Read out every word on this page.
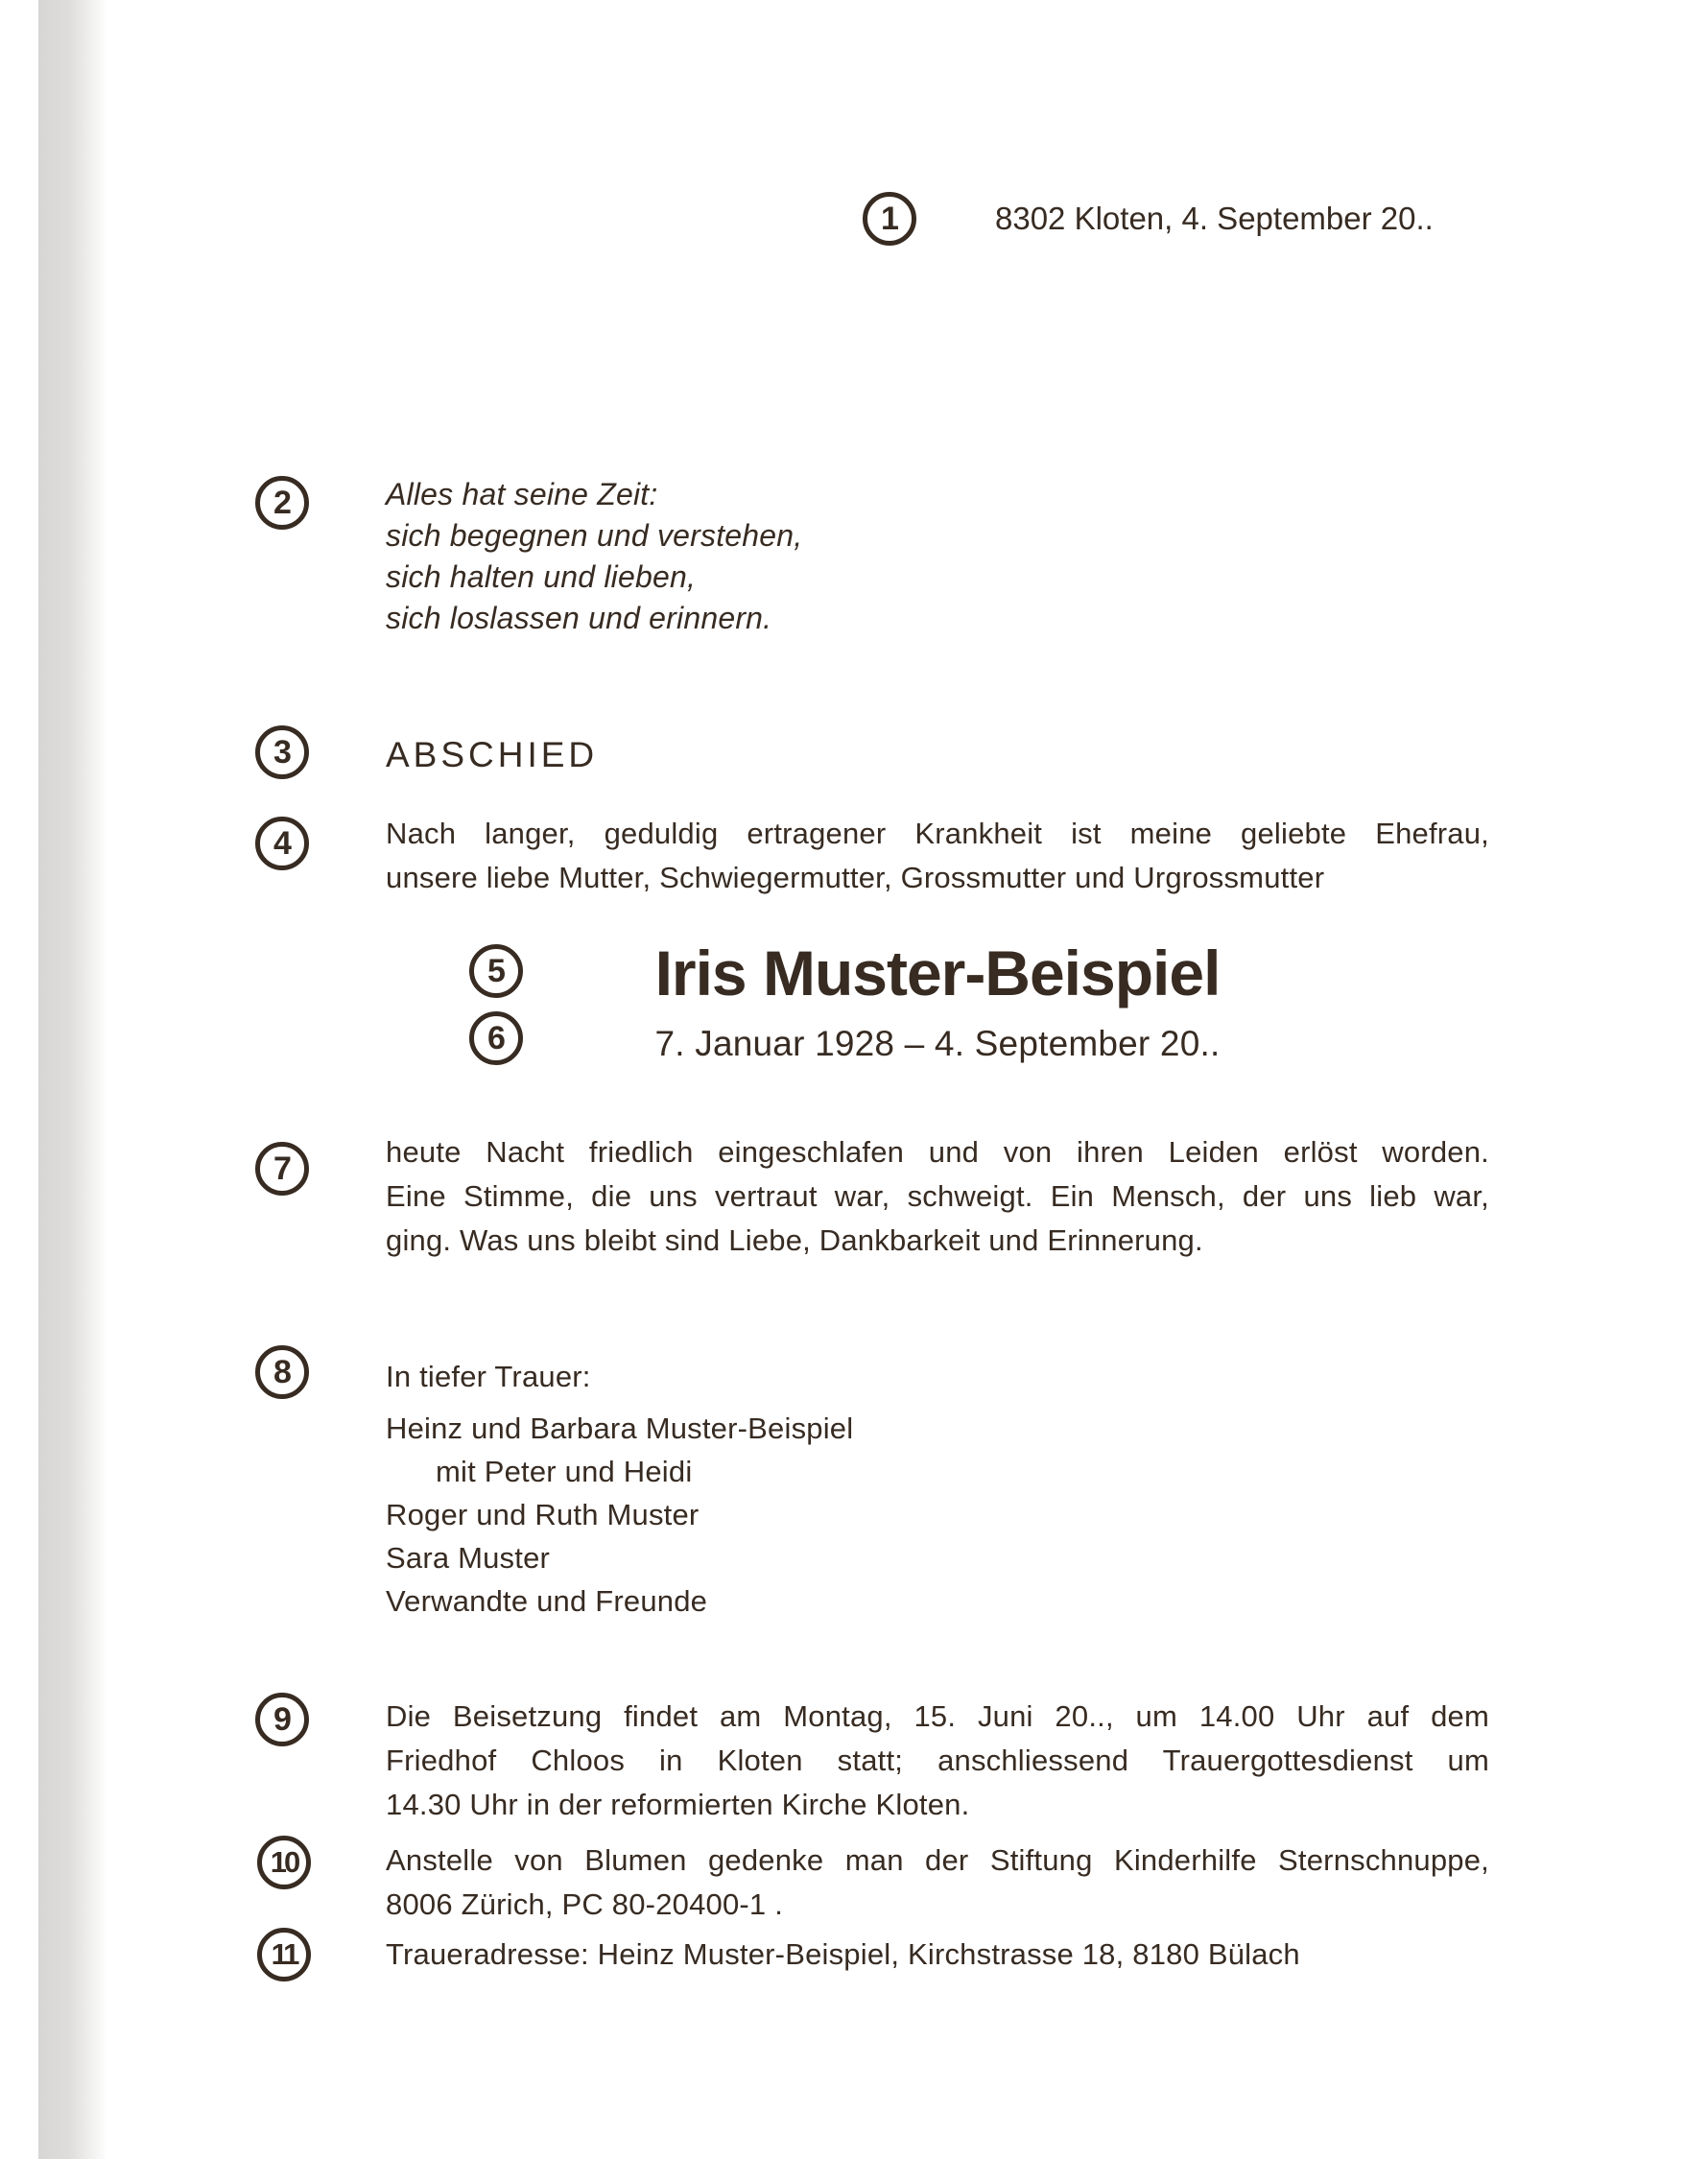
1
2
3
4
5
6
7
8
9
10
11
8302 Kloten, 4. September 20..
Alles hat seine Zeit:
sich begegnen und verstehen,
sich halten und lieben,
sich loslassen und erinnern.
ABSCHIED
Nach langer, geduldig ertragener Krankheit ist meine geliebte Ehefrau,
unsere liebe Mutter, Schwiegermutter, Grossmutter und Urgrossmutter
Iris Muster-Beispiel
7. Januar 1928 – 4. September 20..
heute Nacht friedlich eingeschlafen und von ihren Leiden erlöst worden.
Eine Stimme, die uns vertraut war, schweigt. Ein Mensch, der uns lieb war,
ging. Was uns bleibt sind Liebe, Dankbarkeit und Erinnerung.
In tiefer Trauer:
Heinz und Barbara Muster-Beispiel
mit Peter und Heidi
Roger und Ruth Muster
Sara Muster
Verwandte und Freunde
Die Beisetzung findet am Montag, 15. Juni 20.., um 14.00 Uhr auf dem
Friedhof Chloos in Kloten statt; anschliessend Trauergottesdienst um
14.30 Uhr in der reformierten Kirche Kloten.
Anstelle von Blumen gedenke man der Stiftung Kinderhilfe Sternschnuppe,
8006 Zürich, PC 80-20400-1 .
Traueradresse: Heinz Muster-Beispiel, Kirchstrasse 18, 8180 Bülach
